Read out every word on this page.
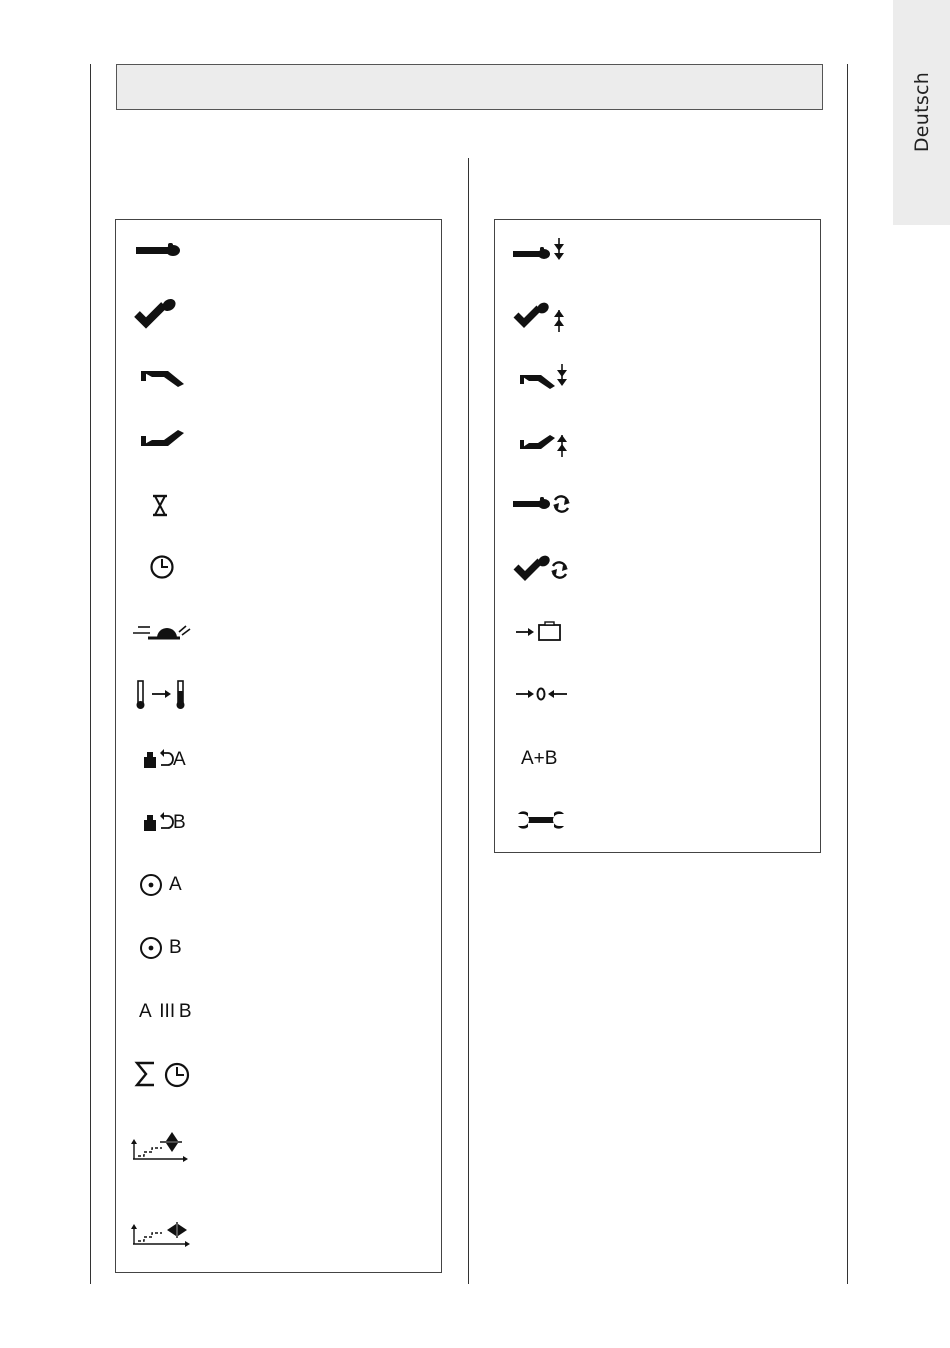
Deutsch
A
B
A
B
A  III B
A+B
